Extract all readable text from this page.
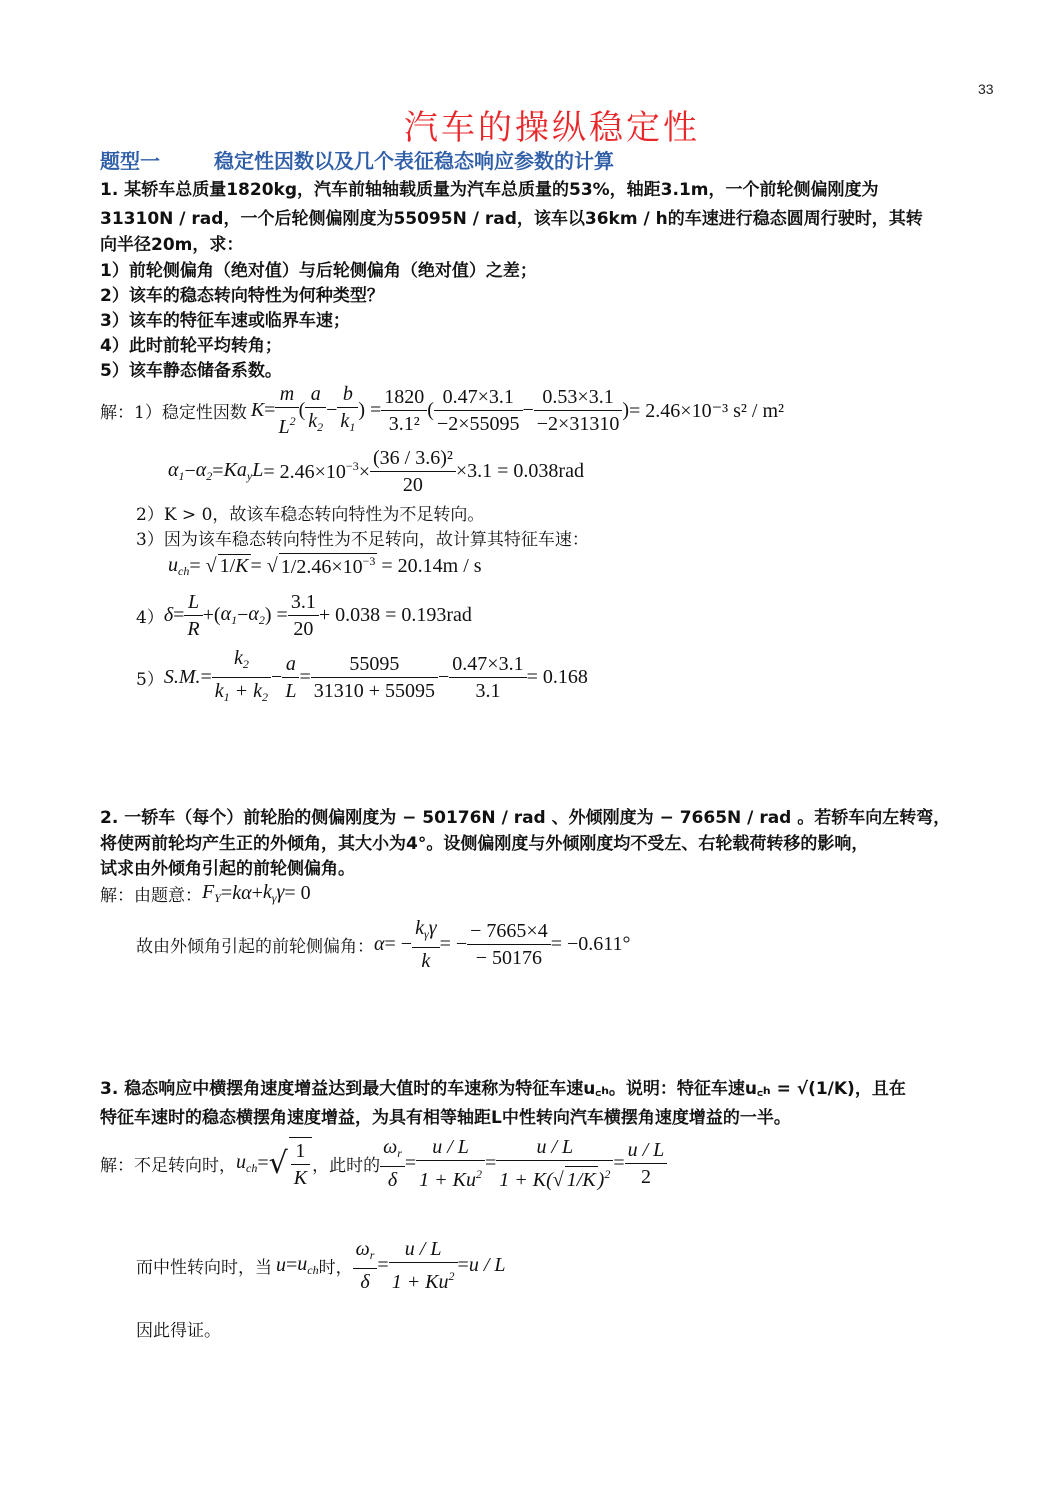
33
汽车的操纵稳定性
题型一	稳定性因数以及几个表征稳态响应参数的计算
1. 某轿车总质量1820kg，汽车前轴轴载质量为汽车总质量的53%，轴距3.1m，一个前轮侧偏刚度为
31310N / rad，一个后轮侧偏刚度为55095N / rad，该车以36km / h的车速进行稳态圆周行驶时，其转
向半径20m，求：
1）前轮侧偏角（绝对值）与后轮侧偏角（绝对值）之差；
2）该车的稳态转向特性为何种类型？
3）该车的特征车速或临界车速；
4）此时前轮平均转角；
5）该车静态储备系数。
解：1）稳定性因数 $K = \frac{m}{L^2}$ ( $\frac{a}{k_2} - \frac{b}{k_1}$ ) = $\frac{1820}{\text{3.1²}}$ ( $\frac{0.47\times 3.1}{-2\times 55095} - \frac{0.53\times 3.1}{-2\times 31310}$ ) = 2.46×10⁻³ s² / m²
$\alpha_1 - \alpha_2 = Ka_yL = 2.46\times 10^{-3}\times \frac{\text{(36 / 3.6)²}}{20} \times 3.1 = 0.038rad$
2）K > 0，故该车稳态转向特性为不足转向。
3）因为该车稳态转向特性为不足转向，故计算其特征车速：
$u_{ch}$ = √ 1/K = √ $1/2.46\times 10^{-3} = 20.14m / s$
4） $\delta = \frac{L}{R}$ +( $\alpha_1 - \alpha_2$ ) = $\frac{3.1}{20} + 0.038 = 0.193rad$
5） S.M. = $\frac{k_2}{k_1 + k_2} - \frac{a}{L} = \frac{55095}{31310 + 55095} - \frac{0.47\times 3.1}{3.1} = 0.168$
2. 一轿车（每个）前轮胎的侧偏刚度为 − 50176N / rad 、外倾刚度为 − 7665N / rad 。若轿车向左转弯，
将使两前轮均产生正的外倾角，其大小为4°。设侧偏刚度与外倾刚度均不受左、右轮载荷转移的影响，
试求由外倾角引起的前轮侧偏角。
解：由题意： $F_Y = k\alpha + k_\gamma\gamma = 0$
故由外倾角引起的前轮侧偏角： α = − $\frac{k_\gamma\gamma}{k}$ = − $\frac{- 7665\times 4}{- 50176} = -0.611^\circ$
3. 稳态响应中横摆角速度增益达到最大值时的车速称为特征车速u꜀ₕ。说明：特征车速u꜀ₕ = √(1/K)，且在
特征车速时的稳态横摆角速度增益，为具有相等轴距L中性转向汽车横摆角速度增益的一半。
解：不足转向时， $u_{ch}$ = √ $\frac{1}{K}$ ，此时的 $\frac{\omega_r}{\delta} = \frac{u / L}{1 + Ku^2} = \frac{u / L}{1 + K(√ 1/K )^2} = \frac{u / L}{2}$
而中性转向时，当 $u = u_{ch}$ 时， $\frac{\omega_r}{\delta} = \frac{u / L}{1 + Ku^2} = u / L$
因此得证。
